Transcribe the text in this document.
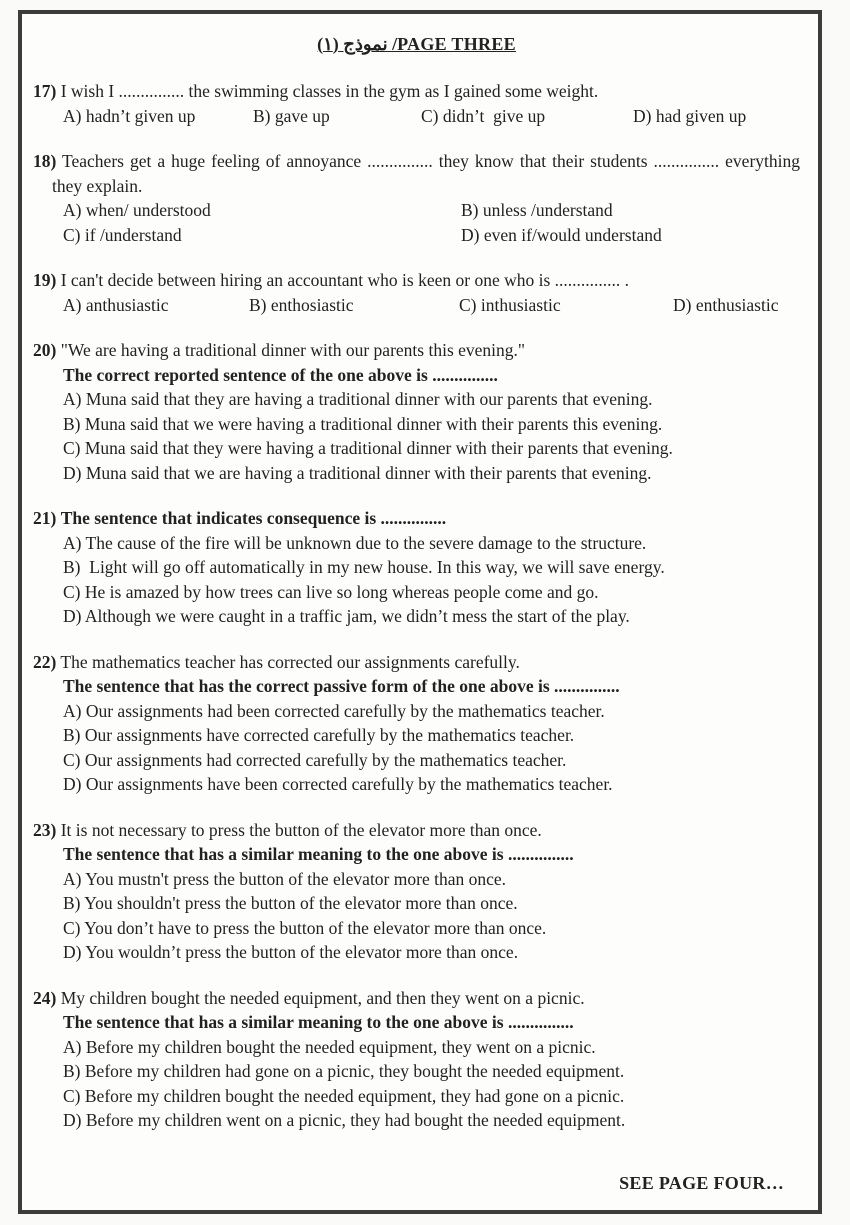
نموذج (١) /PAGE THREE

17) I wish I ............... the swimming classes in the gym as I gained some weight.

A) hadn’t given up	B) gave up	C) didn’t  give up	D) had given up

18) Teachers get a huge feeling of annoyance ............... they know that their students ............... everything they explain.

A) when/ understood	B) unless /understand
C) if /understand	D) even if/would understand

19) I can't decide between hiring an accountant who is keen or one who is ............... .

A) anthusiastic	B) enthosiastic	C) inthusiastic	D) enthusiastic

20) "We are having a traditional dinner with our parents this evening."

The correct reported sentence of the one above is ...............

A) Muna said that they are having a traditional dinner with our parents that evening.
B) Muna said that we were having a traditional dinner with their parents this evening.
C) Muna said that they were having a traditional dinner with their parents that evening.
D) Muna said that we are having a traditional dinner with their parents that evening.

21) The sentence that indicates consequence is ...............

A) The cause of the fire will be unknown due to the severe damage to the structure.
B)  Light will go off automatically in my new house. In this way, we will save energy.
C) He is amazed by how trees can live so long whereas people come and go.
D) Although we were caught in a traffic jam, we didn’t mess the start of the play.

22) The mathematics teacher has corrected our assignments carefully.

The sentence that has the correct passive form of the one above is ...............

A) Our assignments had been corrected carefully by the mathematics teacher.
B) Our assignments have corrected carefully by the mathematics teacher.
C) Our assignments had corrected carefully by the mathematics teacher.
D) Our assignments have been corrected carefully by the mathematics teacher.

23) It is not necessary to press the button of the elevator more than once.

The sentence that has a similar meaning to the one above is ...............

A) You mustn't press the button of the elevator more than once.
B) You shouldn't press the button of the elevator more than once.
C) You don’t have to press the button of the elevator more than once.
D) You wouldn’t press the button of the elevator more than once.

24) My children bought the needed equipment, and then they went on a picnic.

The sentence that has a similar meaning to the one above is ...............

A) Before my children bought the needed equipment, they went on a picnic.
B) Before my children had gone on a picnic, they bought the needed equipment.
C) Before my children bought the needed equipment, they had gone on a picnic.
D) Before my children went on a picnic, they had bought the needed equipment.
SEE PAGE FOUR…
